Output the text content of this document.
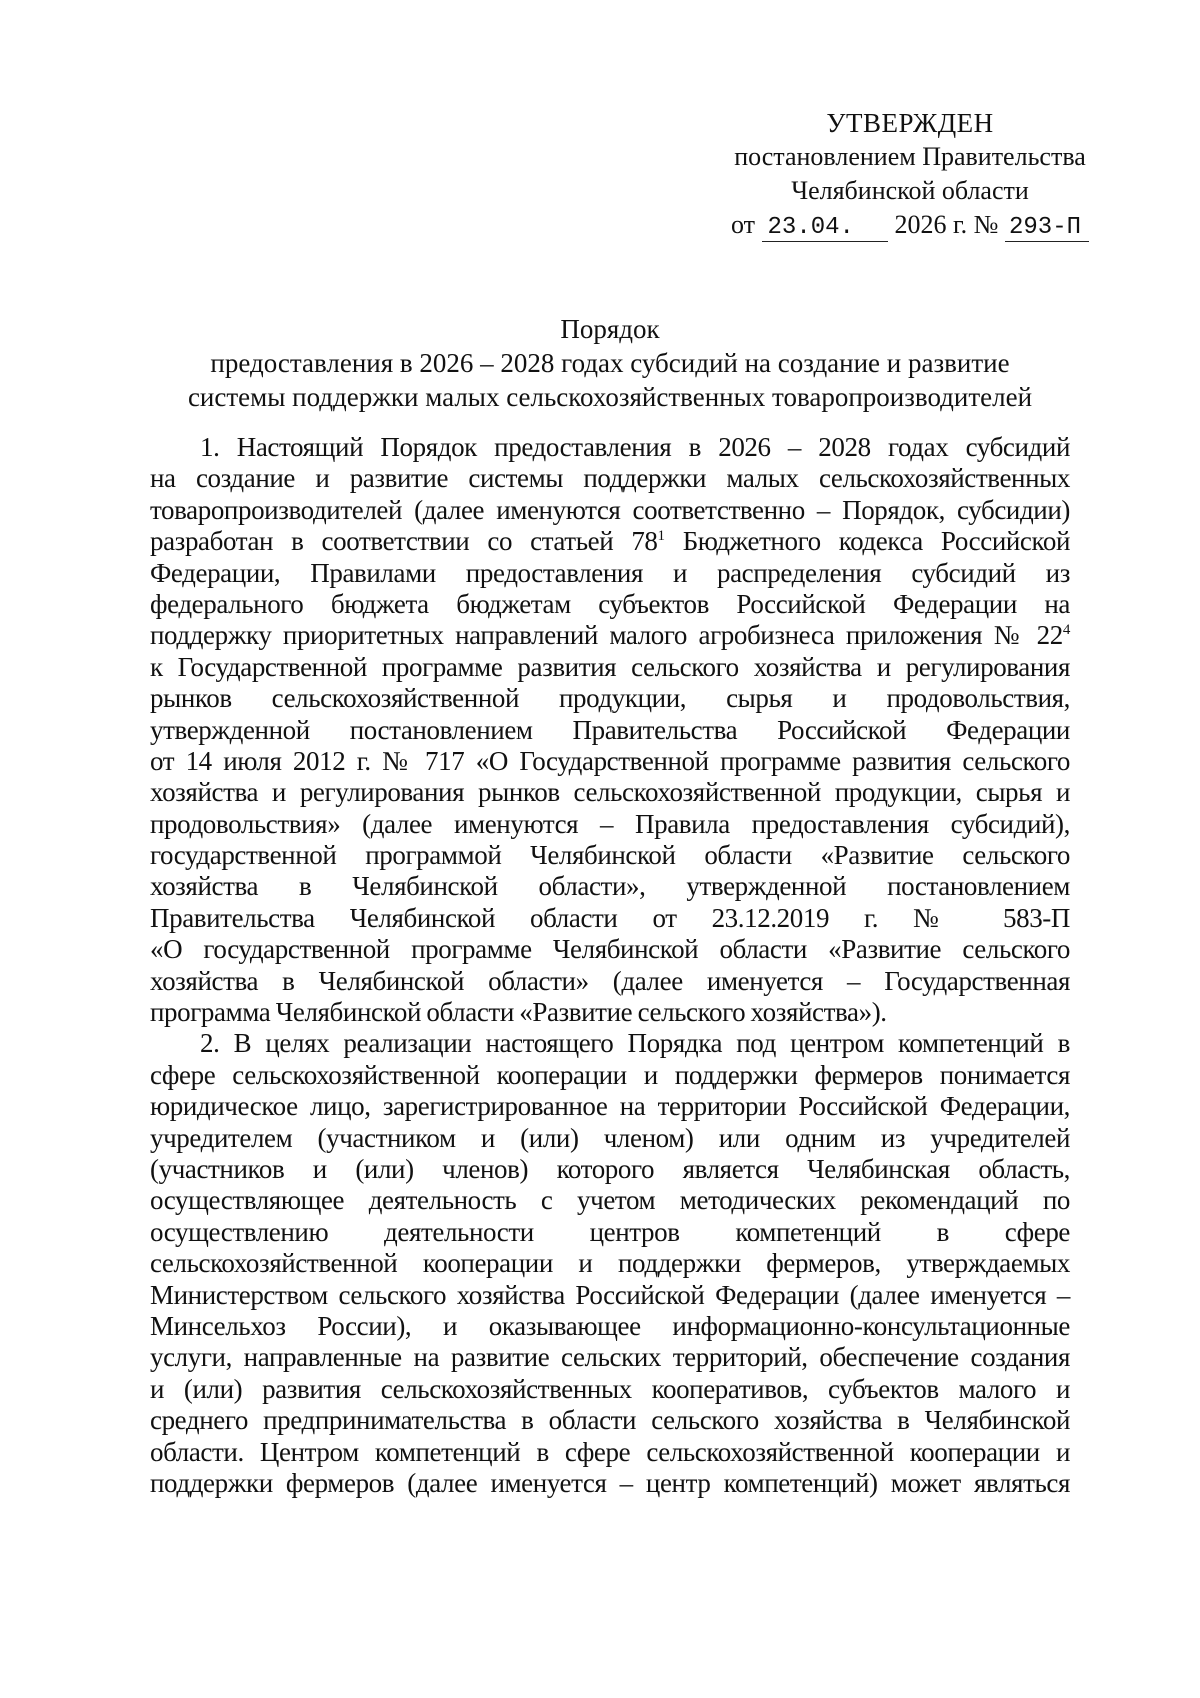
УТВЕРЖДЕН
постановлением Правительства
Челябинской области
от 23.04. 2026 г. № 293-П
Порядок
предоставления в 2026 – 2028 годах субсидий на создание и развитие
системы поддержки малых сельскохозяйственных товаропроизводителей
1. Настоящий Порядок предоставления в 2026 – 2028 годах субсидий
на создание и развитие системы поддержки малых сельскохозяйственных
товаропроизводителей (далее именуются соответственно – Порядок, субсидии)
разработан в соответствии со статьей $78^1$ Бюджетного кодекса Российской
Федерации, Правилами предоставления и распределения субсидий из
федерального бюджета бюджетам субъектов Российской Федерации на
поддержку приоритетных направлений малого агробизнеса приложения № $22^4$
к Государственной программе развития сельского хозяйства и регулирования
рынков сельскохозяйственной продукции, сырья и продовольствия,
утвержденной постановлением Правительства Российской Федерации
от 14 июля 2012 г. № 717 «О Государственной программе развития сельского
хозяйства и регулирования рынков сельскохозяйственной продукции, сырья и
продовольствия» (далее именуются – Правила предоставления субсидий),
государственной программой Челябинской области «Развитие сельского
хозяйства в Челябинской области», утвержденной постановлением
Правительства Челябинской области от 23.12.2019 г. № 583-П
«О государственной программе Челябинской области «Развитие сельского
хозяйства в Челябинской области» (далее именуется – Государственная
программа Челябинской области «Развитие сельского хозяйства»).
2. В целях реализации настоящего Порядка под центром компетенций в
сфере сельскохозяйственной кооперации и поддержки фермеров понимается
юридическое лицо, зарегистрированное на территории Российской Федерации,
учредителем (участником и (или) членом) или одним из учредителей
(участников и (или) членов) которого является Челябинская область,
осуществляющее деятельность с учетом методических рекомендаций по
осуществлению деятельности центров компетенций в сфере
сельскохозяйственной кооперации и поддержки фермеров, утверждаемых
Министерством сельского хозяйства Российской Федерации (далее именуется –
Минсельхоз России), и оказывающее информационно-консультационные
услуги, направленные на развитие сельских территорий, обеспечение создания
и (или) развития сельскохозяйственных кооперативов, субъектов малого и
среднего предпринимательства в области сельского хозяйства в Челябинской
области. Центром компетенций в сфере сельскохозяйственной кооперации и
поддержки фермеров (далее именуется – центр компетенций) может являться
